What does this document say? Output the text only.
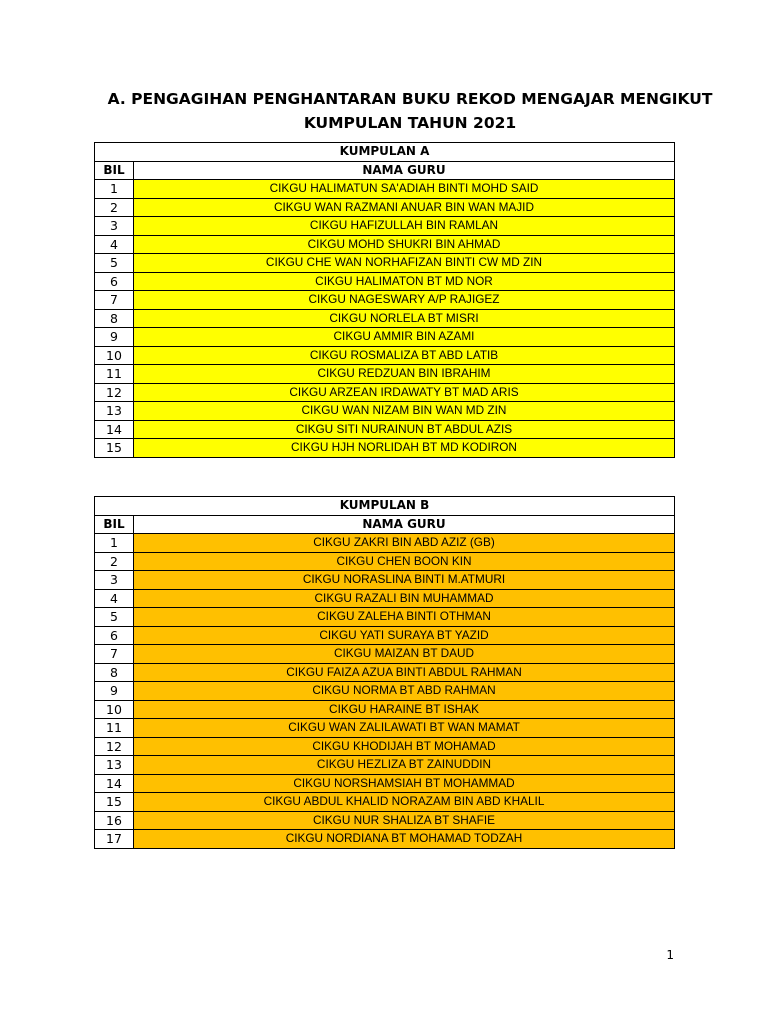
A. PENGAGIHAN PENGHANTARAN BUKU REKOD MENGAJAR MENGIKUT
KUMPULAN TAHUN 2021
KUMPULAN A	
BIL	NAMA GURU
1	CIKGU HALIMATUN SA'ADIAH BINTI MOHD SAID
2	CIKGU WAN RAZMANI ANUAR BIN WAN MAJID
3	CIKGU HAFIZULLAH BIN RAMLAN
4	CIKGU MOHD SHUKRI BIN AHMAD
5	CIKGU CHE WAN NORHAFIZAN BINTI CW MD ZIN
6	CIKGU HALIMATON BT MD NOR
7	CIKGU NAGESWARY A/P RAJIGEZ
8	CIKGU NORLELA BT MISRI
9	CIKGU AMMIR BIN AZAMI
10	CIKGU ROSMALIZA BT ABD LATIB
11	CIKGU REDZUAN BIN IBRAHIM
12	CIKGU ARZEAN IRDAWATY BT MAD ARIS
13	CIKGU WAN NIZAM BIN WAN MD ZIN
14	CIKGU SITI NURAINUN BT ABDUL AZIS
15	CIKGU HJH NORLIDAH BT MD KODIRON
KUMPULAN B	
BIL	NAMA GURU
1	CIKGU ZAKRI BIN ABD AZIZ (GB)
2	CIKGU CHEN BOON KIN
3	CIKGU NORASLINA BINTI M.ATMURI
4	CIKGU RAZALI BIN MUHAMMAD
5	CIKGU ZALEHA BINTI OTHMAN
6	CIKGU YATI SURAYA BT YAZID
7	CIKGU MAIZAN BT DAUD
8	CIKGU FAIZA AZUA BINTI ABDUL RAHMAN
9	CIKGU NORMA BT ABD RAHMAN
10	CIKGU HARAINE BT ISHAK
11	CIKGU WAN ZALILAWATI BT WAN MAMAT
12	CIKGU KHODIJAH BT MOHAMAD
13	CIKGU HEZLIZA BT ZAINUDDIN
14	CIKGU NORSHAMSIAH BT MOHAMMAD
15	CIKGU ABDUL KHALID NORAZAM BIN ABD KHALIL
16	CIKGU NUR SHALIZA BT SHAFIE
17	CIKGU NORDIANA BT MOHAMAD TODZAH
1
